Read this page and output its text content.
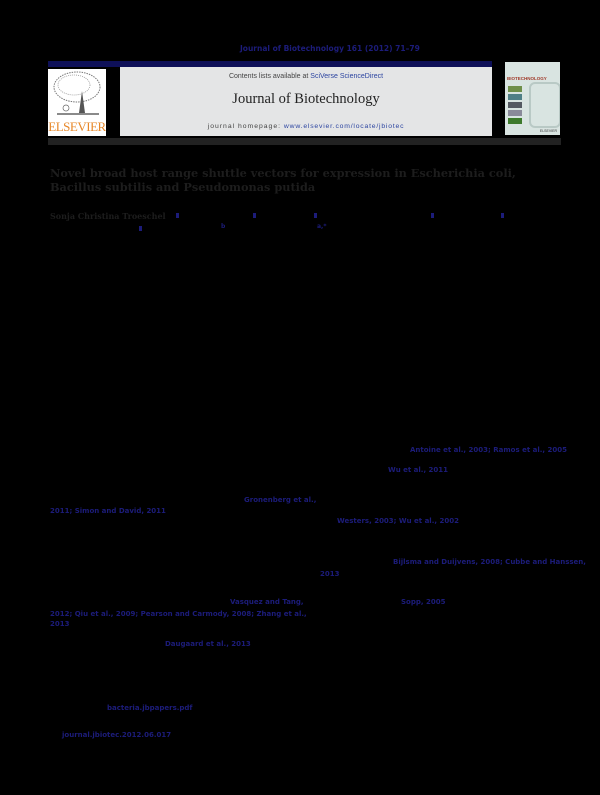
Journal of Biotechnology 161 (2012) 71–79
ELSEVIER
Contents lists available at SciVerse ScienceDirect
Journal of Biotechnology
journal homepage: www.elsevier.com/locate/jbiotec
BIOTECHNOLOGY
ELSEVIER
Novel broad host range shuttle vectors for expression in Escherichia coli, Bacillus subtilis and Pseudomonas putida
Sonja Christina Troeschel
b	a,*
Antoine et al., 2003; Ramos et al., 2005
Wu et al., 2011
Gronenberg et al.,
2011; Simon and David, 2011
Westers, 2003; Wu et al., 2002
Bijlsma and Duijvens, 2008; Cubbe and Hanssen,
2013
Vasquez and Tang,	Sopp, 2005
2012; Qiu et al., 2009; Pearson and Carmody, 2008; Zhang et al.,
2013
Daugaard et al., 2013
bacteria.jbpapers.pdf
journal.jbiotec.2012.06.017
